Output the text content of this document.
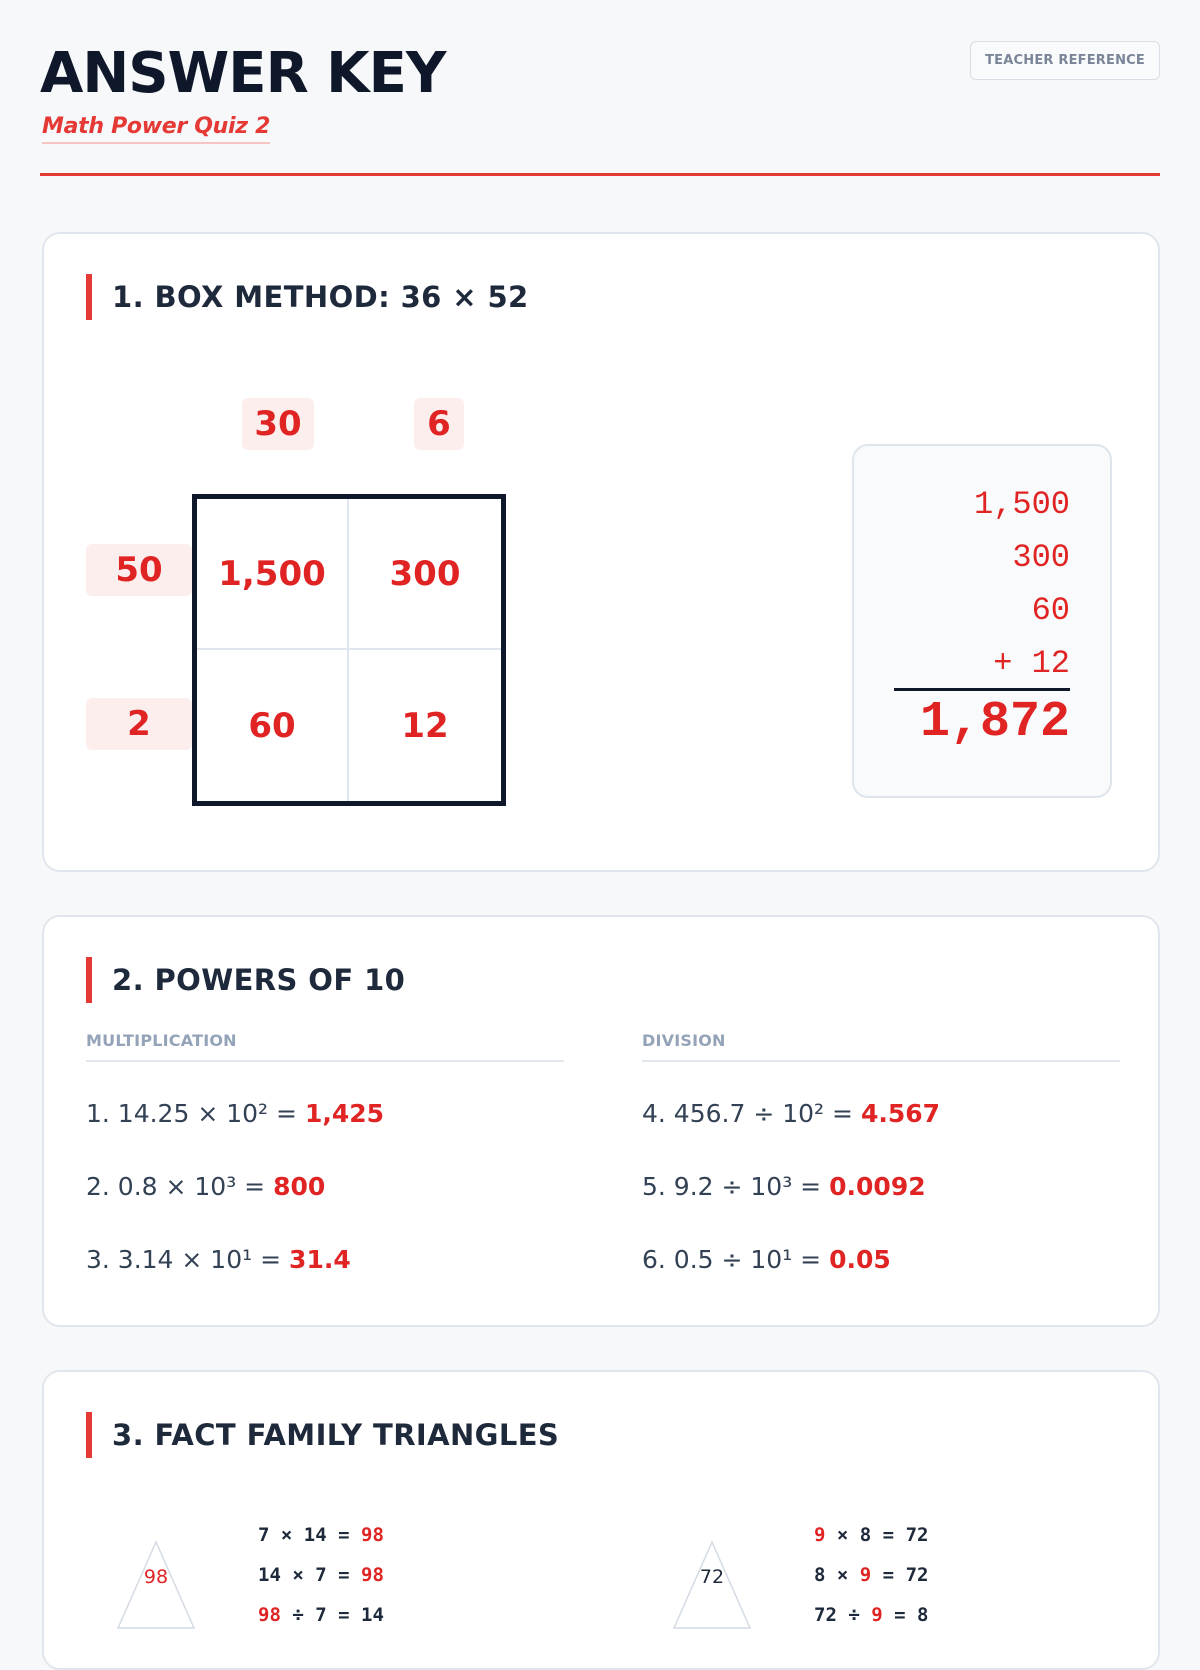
ANSWER KEY
Math Power Quiz 2
TEACHER REFERENCE
1. BOX METHOD: 36 × 52
30	6
50
2
1,500	300
60	12
1,500
300
60
+ 12
1,872
2. POWERS OF 10
MULTIPLICATION	DIVISION
1. 14.25 × 10² = 1,425
2. 0.8 × 10³ = 800
3. 3.14 × 10¹ = 31.4
4. 456.7 ÷ 10² = 4.567
5. 9.2 ÷ 10³ = 0.0092
6. 0.5 ÷ 10¹ = 0.05
3. FACT FAMILY TRIANGLES
98
7 × 14 = 98
14 × 7 = 98
98 ÷ 7 = 14
72
9 × 8 = 72
8 × 9 = 72
72 ÷ 9 = 8
